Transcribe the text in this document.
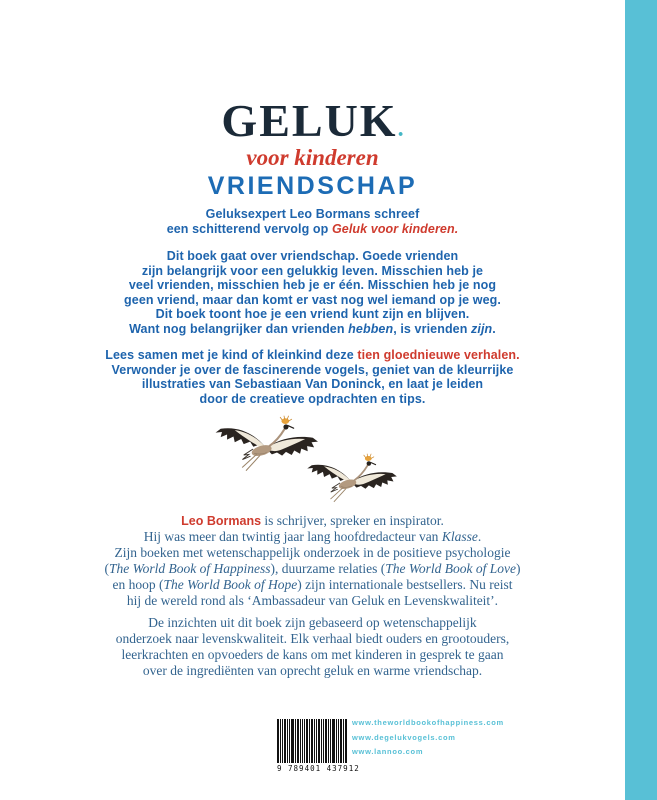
GELUK.
voor kinderen
VRIENDSCHAP
Geluksexpert Leo Bormans schreef
een schitterend vervolg op Geluk voor kinderen.
Dit boek gaat over vriendschap. Goede vrienden
zijn belangrijk voor een gelukkig leven. Misschien heb je
veel vrienden, misschien heb je er één. Misschien heb je nog
geen vriend, maar dan komt er vast nog wel iemand op je weg.
Dit boek toont hoe je een vriend kunt zijn en blijven.
Want nog belangrijker dan vrienden hebben, is vrienden zijn.
Lees samen met je kind of kleinkind deze tien gloednieuwe verhalen.
Verwonder je over de fascinerende vogels, geniet van de kleurrijke
illustraties van Sebastiaan Van Doninck, en laat je leiden
door de creatieve opdrachten en tips.
Leo Bormans is schrijver, spreker en inspirator.
Hij was meer dan twintig jaar lang hoofdredacteur van Klasse.
Zijn boeken met wetenschappelijk onderzoek in de positieve psychologie
(The World Book of Happiness), duurzame relaties (The World Book of Love)
en hoop (The World Book of Hope) zijn internationale bestsellers. Nu reist
hij de wereld rond als ‘Ambassadeur van Geluk en Levenskwaliteit’.
De inzichten uit dit boek zijn gebaseerd op wetenschappelijk
onderzoek naar levenskwaliteit. Elk verhaal biedt ouders en grootouders,
leerkrachten en opvoeders de kans om met kinderen in gesprek te gaan
over de ingrediënten van oprecht geluk en warme vriendschap.
9 789401 437912
www.theworldbookofhappiness.com
www.degelukvogels.com
www.lannoo.com
